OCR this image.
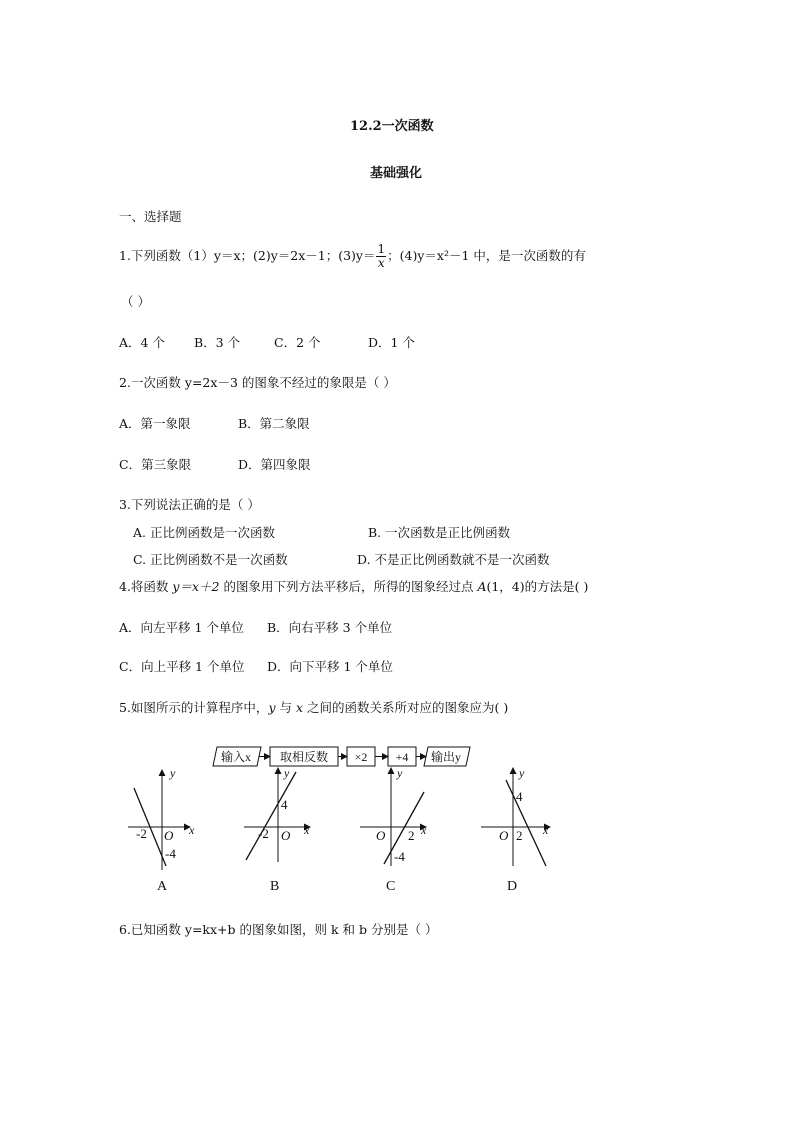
12.2一次函数
基础强化
一、选择题
1.下列函数（1）y＝x；(2)y＝2x－1；$(3)y= \frac{1}{x}$ ；(4)y＝x²－1 中，是一次函数的有
（ ）
A．4 个 B．3 个	C．2 个	D．1 个
2.一次函数 y=2x－3 的图象不经过的象限是（ ）
A．第一象限	B．第二象限
C．第三象限	D．第四象限
3.下列说法正确的是（ ）
A. 正比例函数是一次函数	B. 一次函数是正比例函数
C. 正比例函数不是一次函数	D. 不是正比例函数就不是一次函数
4.将函数 y＝x＋2 的图象用下列方法平移后，所得的图象经过点 A(1，4)的方法是( )
A．向左平移 1 个单位 B．向右平移 3 个单位
C．向上平移 1 个单位 D．向下平移 1 个单位
5.如图所示的计算程序中，y 与 x 之间的函数关系所对应的图象应为( )
输入x 取相反数 ×2 +4 输出y
y
x
O
-2
-4
A
y
x
O
-2
4
B
y
x
O 2
-4
C
y
x
O 2
4
D
6.已知函数 y=kx+b 的图象如图，则 k 和 b 分别是（ ）
